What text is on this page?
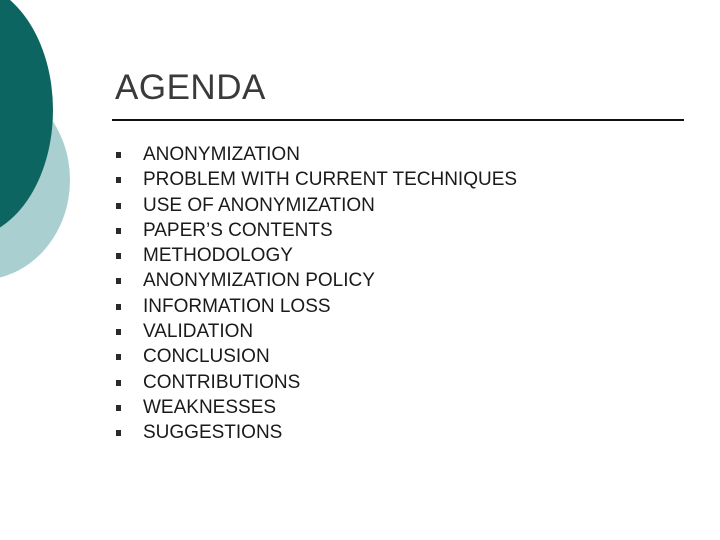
AGENDA
ANONYMIZATION
PROBLEM WITH CURRENT TECHNIQUES
USE OF ANONYMIZATION
PAPER’S CONTENTS
METHODOLOGY
ANONYMIZATION POLICY
INFORMATION LOSS
VALIDATION
CONCLUSION
CONTRIBUTIONS
WEAKNESSES
SUGGESTIONS
